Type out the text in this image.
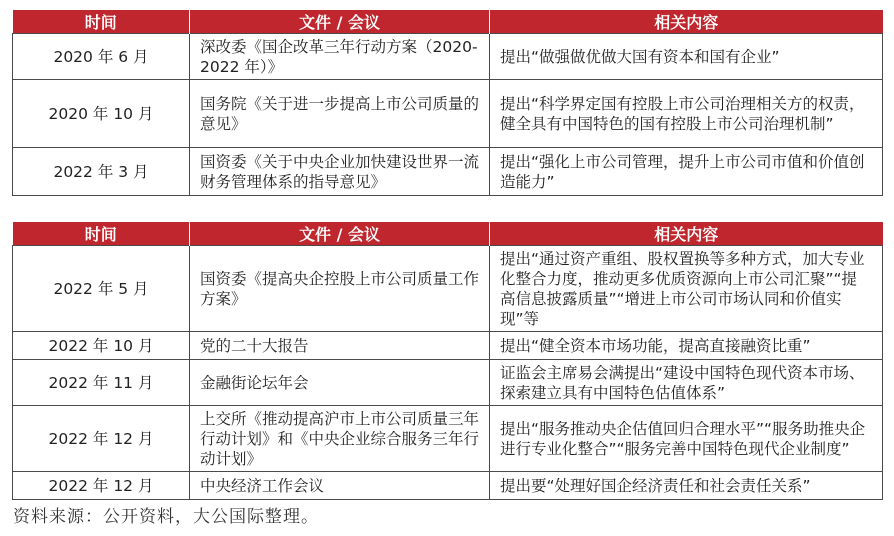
时间	文件 / 会议	相关内容
2020 年 6 月	深改委《国企改革三年行动方案（2020-2022 年）》	提出“做强做优做大国有资本和国有企业”
2020 年 10 月	国务院《关于进一步提高上市公司质量的意见》	提出“科学界定国有控股上市公司治理相关方的权责，健全具有中国特色的国有控股上市公司治理机制”
2022 年 3 月	国资委《关于中央企业加快建设世界一流财务管理体系的指导意见》	提出“强化上市公司管理，提升上市公司市值和价值创造能力”
时间	文件 / 会议	相关内容
2022 年 5 月	国资委《提高央企控股上市公司质量工作方案》	提出“通过资产重组、股权置换等多种方式，加大专业化整合力度，推动更多优质资源向上市公司汇聚”“提高信息披露质量”“增进上市公司市场认同和价值实现”等
2022 年 10 月	党的二十大报告	提出“健全资本市场功能，提高直接融资比重”
2022 年 11 月	金融街论坛年会	证监会主席易会满提出“建设中国特色现代资本市场、探索建立具有中国特色估值体系”
2022 年 12 月	上交所《推动提高沪市上市公司质量三年行动计划》和《中央企业综合服务三年行动计划》	提出“服务推动央企估值回归合理水平”“服务助推央企进行专业化整合”“服务完善中国特色现代企业制度”
2022 年 12 月	中央经济工作会议	提出要“处理好国企经济责任和社会责任关系”
资料来源：公开资料，大公国际整理。
